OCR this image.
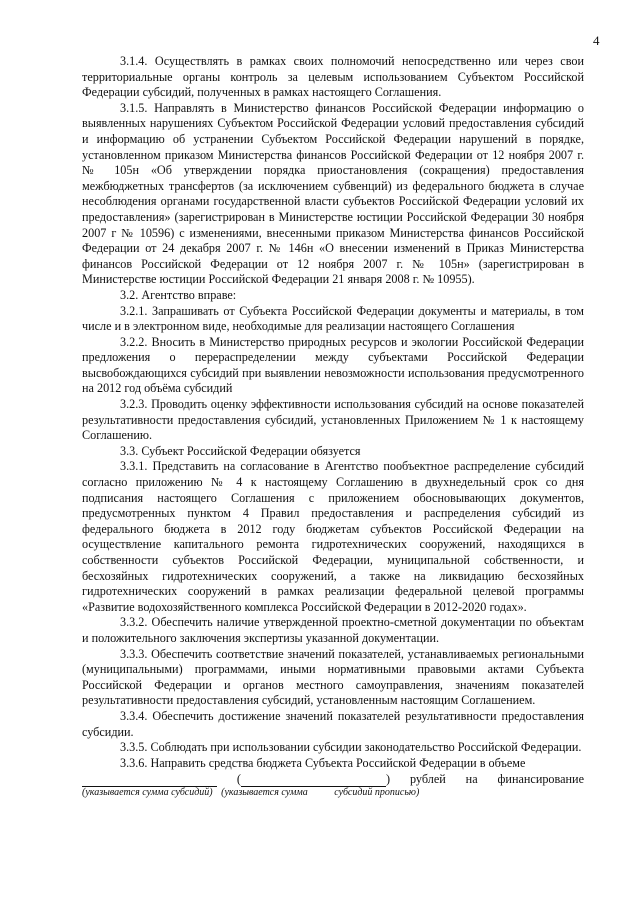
4

3.1.4. Осуществлять в рамках своих полномочий непосредственно или через свои территориальные органы контроль за целевым использованием Субъектом Российской Федерации субсидий, полученных в рамках настоящего Соглашения.

3.1.5. Направлять в Министерство финансов Российской Федерации информацию о выявленных нарушениях Субъектом Российской Федерации условий предоставления субсидий и информацию об устранении Субъектом Российской Федерации нарушений в порядке, установленном приказом Министерства финансов Российской Федерации от 12 ноября 2007 г. № 105н «Об утверждении порядка приостановления (сокращения) предоставления межбюджетных трансфертов (за исключением субвенций) из федерального бюджета в случае несоблюдения органами государственной власти субъектов Российской Федерации условий их предоставления» (зарегистрирован в Министерстве юстиции Российской Федерации 30 ноября 2007 г № 10596) с изменениями, внесенными приказом Министерства финансов Российской Федерации от 24 декабря 2007 г. № 146н «О внесении изменений в Приказ Министерства финансов Российской Федерации от 12 ноября 2007 г. № 105н» (зарегистрирован в Министерстве юстиции Российской Федерации 21 января 2008 г. № 10955).

3.2. Агентство вправе:

3.2.1. Запрашивать от Субъекта Российской Федерации документы и материалы, в том числе и в электронном виде, необходимые для реализации настоящего Соглашения

3.2.2. Вносить в Министерство природных ресурсов и экологии Российской Федерации предложения о перераспределении между субъектами Российской Федерации высвобождающихся субсидий при выявлении невозможности использования предусмотренного на 2012 год объёма субсидий

3.2.3. Проводить оценку эффективности использования субсидий на основе показателей результативности предоставления субсидий, установленных Приложением № 1 к настоящему Соглашению.

3.3. Субъект Российской Федерации обязуется

3.3.1. Представить на согласование в Агентство пообъектное распределение субсидий согласно приложению № 4 к настоящему Соглашению в двухнедельный срок со дня подписания настоящего Соглашения с приложением обосновывающих документов, предусмотренных пунктом 4 Правил предоставления и распределения субсидий из федерального бюджета в 2012 году бюджетам субъектов Российской Федерации на осуществление капитального ремонта гидротехнических сооружений, находящихся в собственности субъектов Российской Федерации, муниципальной собственности, и бесхозяйных гидротехнических сооружений, а также на ликвидацию бесхозяйных гидротехнических сооружений в рамках реализации федеральной целевой программы «Развитие водохозяйственного комплекса Российской Федерации в 2012-2020 годах».

3.3.2. Обеспечить наличие утвержденной проектно-сметной документации по объектам и положительного заключения экспертизы указанной документации.

3.3.3. Обеспечить соответствие значений показателей, устанавливаемых региональными (муниципальными) программами, иными нормативными правовыми актами Субъекта Российской Федерации и органов местного самоуправления, значениям показателей результативности предоставления субсидий, установленным настоящим Соглашением.

3.3.4. Обеспечить достижение значений показателей результативности предоставления субсидии.

3.3.5. Соблюдать при использовании субсидии законодательство Российской Федерации.

3.3.6. Направить средства бюджета Субъекта Российской Федерации в объеме

(	) рублей на финансирование
(указывается сумма субсидий) (указывается сумма	субсидий прописью)
